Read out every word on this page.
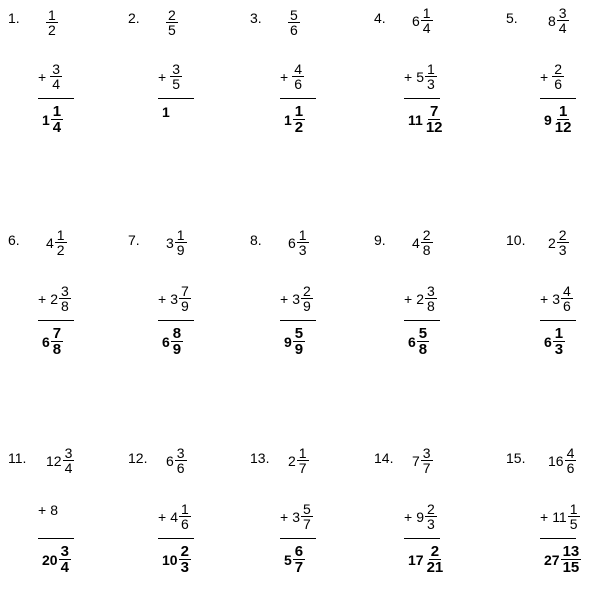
1. $\frac{1}{2}$
+ $\frac{3}{4}$
$1 \frac{1}{4}$
2. $\frac{2}{5}$
+ $\frac{3}{5}$
1
3. $\frac{5}{6}$
+ $\frac{4}{6}$
$1 \frac{1}{2}$
4. $6 \frac{1}{4}$
+ $5 \frac{1}{3}$
$11 \frac{7}{12}$
5. $8 \frac{3}{4}$
+ $\frac{2}{6}$
$9 \frac{1}{12}$
6. $4 \frac{1}{2}$
+ $2 \frac{3}{8}$
$6 \frac{7}{8}$
7. $3 \frac{1}{9}$
+ $3 \frac{7}{9}$
$6 \frac{8}{9}$
8. $6 \frac{1}{3}$
+ $3 \frac{2}{9}$
$9 \frac{5}{9}$
9. $4 \frac{2}{8}$
+ $2 \frac{3}{8}$
$6 \frac{5}{8}$
10. $2 \frac{2}{3}$
+ $3 \frac{4}{6}$
$6 \frac{1}{3}$
11. $12 \frac{3}{4}$
+ 8
$20 \frac{3}{4}$
12. $6 \frac{3}{6}$
+ $4 \frac{1}{6}$
$10 \frac{2}{3}$
13. $2 \frac{1}{7}$
+ $3 \frac{5}{7}$
$5 \frac{6}{7}$
14. $7 \frac{3}{7}$
+ $9 \frac{2}{3}$
$17 \frac{2}{21}$
15. $16 \frac{4}{6}$
+ $11 \frac{1}{5}$
$27 \frac{13}{15}$
